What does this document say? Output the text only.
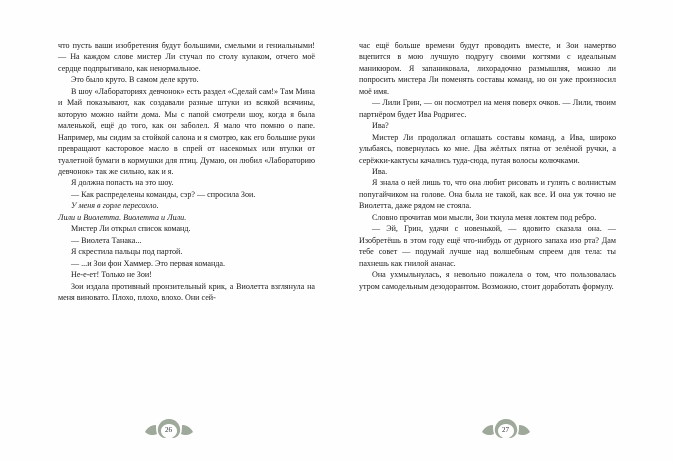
что пусть ваши изобретения будут большими, смелыми и гениальными! — На каждом слове мистер Ли стучал по столу кулаком, отчего моё сердце подпрыгивало, как ненормальное.

Это было круто. В самом деле круто.

В шоу «Лабораториях девчонок» есть раздел «Сделай сам!» Там Мина и Май показывают, как создавали разные штуки из всякой всячины, которую можно найти дома. Мы с папой смотрели шоу, когда я была маленькой, ещё до того, как он заболел. Я мало что помню о папе. Например, мы сидим за стойкой салона и я смотрю, как его большие руки превращают касторовое масло в спрей от насекомых или втулки от туалетной бумаги в кормушки для птиц. Думаю, он любил «Лабораторию девчонок» так же сильно, как и я.

Я должна попасть на это шоу.

— Как распределены команды, сэр? — спросила Зои.

У меня в горле пересохло.

Лили и Виолетта. Виолетта и Лили.

Мистер Ли открыл список команд.

— Виолета Танака...

Я скрестила пальцы под партой.

— ...и Зои фон Хаммер. Это первая команда.

Не-е-ет! Только не Зои!

Зои издала противный пронзительный крик, а Виолетта взглянула на меня виновато. Плохо, плохо, влохо. Они сей-

26

час ещё больше времени будут проводить вместе, и Зои намертво вцепится в мою лучшую подругу своими когтями с идеальным маникюром. Я запаниковала, лихорадочно размышляя, можно ли попросить мистера Ли поменять составы команд, но он уже произносил моё имя.

— Лили Грин, — он посмотрел на меня поверх очков. — Лили, твоим партнёром будет Ива Родригес.

Ива?

Мистер Ли продолжал оглашать составы команд, а Ива, широко улыбаясь, повернулась ко мне. Два жёлтых пятна от зелёной ручки, а серёжки-кактусы качались туда-сюда, путая волосы колючками.

Ива.

Я знала о ней лишь то, что она любит рисовать и гулять с волнистым попугайчиком на голове. Она была не такой, как все. И она уж точно не Виолетта, даже рядом не стояла.

Словно прочитав мои мысли, Зои ткнула меня локтем под ребро.

— Эй, Грин, удачи с новенькой, — ядовито сказала она. — Изобретёшь в этом году ещё что-нибудь от дурного запаха изо рта? Дам тебе совет — подумай лучше над волшебным спреем для тела: ты пахнешь как гнилой ананас.

Она ухмыльнулась, я невольно пожалела о том, что пользовалась утром самодельным дезодорантом. Возможно, стоит доработать формулу.

27
